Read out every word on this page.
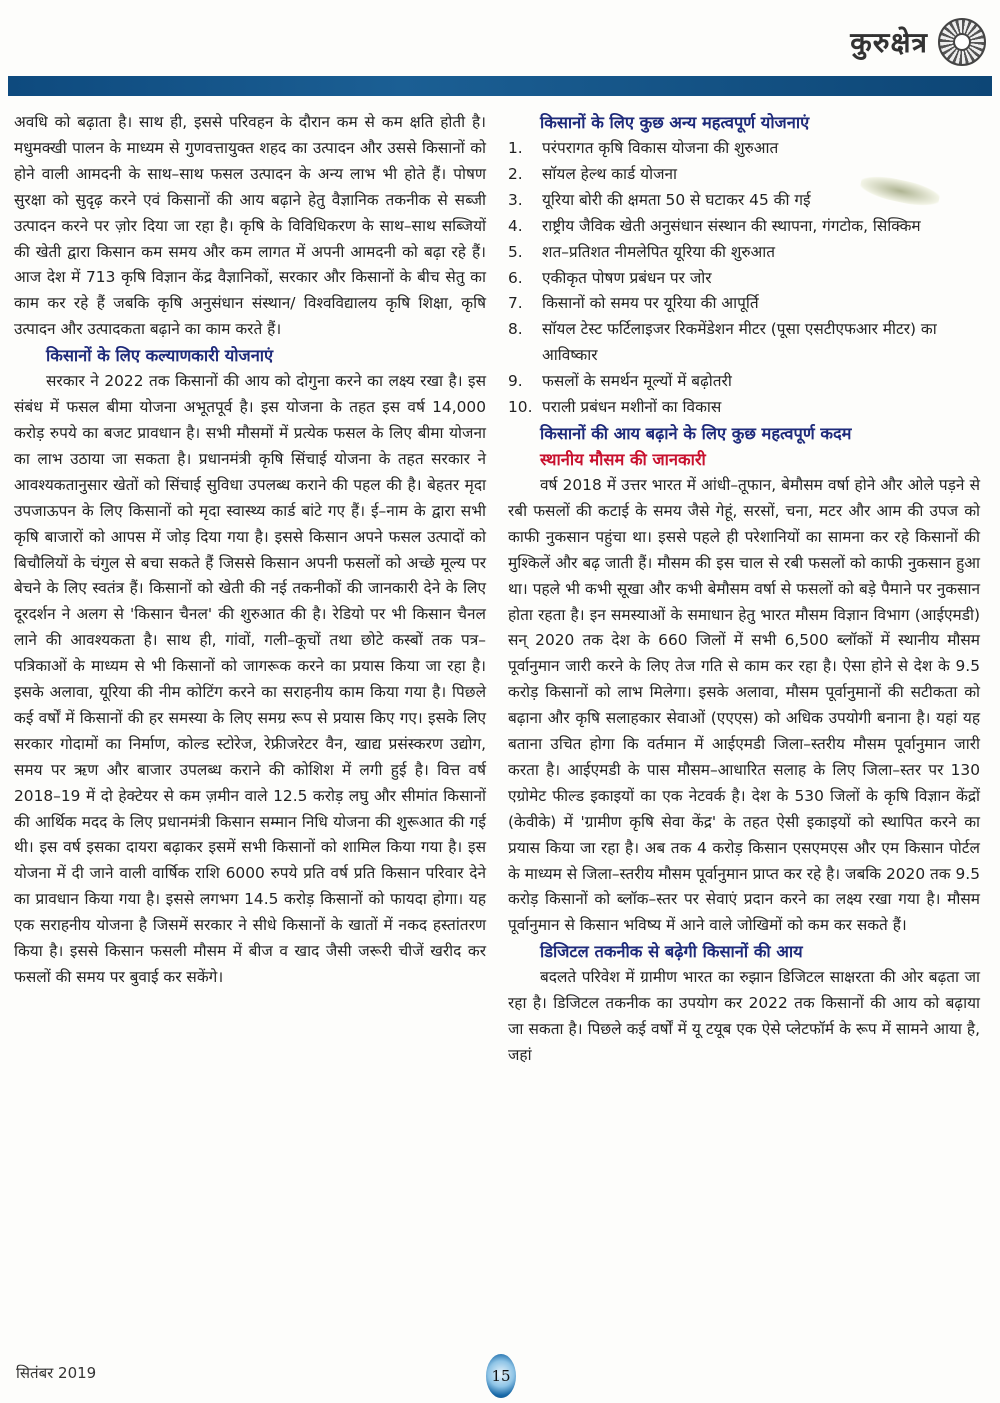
कुरुक्षेत्र

अवधि को बढ़ाता है। साथ ही, इससे परिवहन के दौरान कम से कम क्षति होती है। मधुमक्खी पालन के माध्यम से गुणवत्तायुक्त शहद का उत्पादन और उससे किसानों को होने वाली आमदनी के साथ–साथ फसल उत्पादन के अन्य लाभ भी होते हैं। पोषण सुरक्षा को सुदृढ़ करने एवं किसानों की आय बढ़ाने हेतु वैज्ञानिक तकनीक से सब्जी उत्पादन करने पर ज़ोर दिया जा रहा है। कृषि के विविधिकरण के साथ–साथ सब्जियों की खेती द्वारा किसान कम समय और कम लागत में अपनी आमदनी को बढ़ा रहे हैं। आज देश में 713 कृषि विज्ञान केंद्र वैज्ञानिकों, सरकार और किसानों के बीच सेतु का काम कर रहे हैं जबकि कृषि अनुसंधान संस्थान/ विश्वविद्यालय कृषि शिक्षा, कृषि उत्पादन और उत्पादकता बढ़ाने का काम करते हैं।

किसानों के लिए कल्याणकारी योजनाएं

सरकार ने 2022 तक किसानों की आय को दोगुना करने का लक्ष्य रखा है। इस संबंध में फसल बीमा योजना अभूतपूर्व है। इस योजना के तहत इस वर्ष 14,000 करोड़ रुपये का बजट प्रावधान है। सभी मौसमों में प्रत्येक फसल के लिए बीमा योजना का लाभ उठाया जा सकता है। प्रधानमंत्री कृषि सिंचाई योजना के तहत सरकार ने आवश्यकतानुसार खेतों को सिंचाई सुविधा उपलब्ध कराने की पहल की है। बेहतर मृदा उपजाऊपन के लिए किसानों को मृदा स्वास्थ्य कार्ड बांटे गए हैं। ई–नाम के द्वारा सभी कृषि बाजारों को आपस में जोड़ दिया गया है। इससे किसान अपने फसल उत्पादों को बिचौलियों के चंगुल से बचा सकते हैं जिससे किसान अपनी फसलों को अच्छे मूल्य पर बेचने के लिए स्वतंत्र हैं। किसानों को खेती की नई तकनीकों की जानकारी देने के लिए दूरदर्शन ने अलग से 'किसान चैनल' की शुरुआत की है। रेडियो पर भी किसान चैनल लाने की आवश्यकता है। साथ ही, गांवों, गली–कूचों तथा छोटे कस्बों तक पत्र–पत्रिकाओं के माध्यम से भी किसानों को जागरूक करने का प्रयास किया जा रहा है। इसके अलावा, यूरिया की नीम कोटिंग करने का सराहनीय काम किया गया है। पिछले कई वर्षों में किसानों की हर समस्या के लिए समग्र रूप से प्रयास किए गए। इसके लिए सरकार गोदामों का निर्माण, कोल्ड स्टोरेज, रेफ्रीजरेटर वैन, खाद्य प्रसंस्करण उद्योग, समय पर ऋण और बाजार उपलब्ध कराने की कोशिश में लगी हुई है। वित्त वर्ष 2018–19 में दो हेक्टेयर से कम ज़मीन वाले 12.5 करोड़ लघु और सीमांत किसानों की आर्थिक मदद के लिए प्रधानमंत्री किसान सम्मान निधि योजना की शुरूआत की गई थी। इस वर्ष इसका दायरा बढ़ाकर इसमें सभी किसानों को शामिल किया गया है। इस योजना में दी जाने वाली वार्षिक राशि 6000 रुपये प्रति वर्ष प्रति किसान परिवार देने का प्रावधान किया गया है। इससे लगभग 14.5 करोड़ किसानों को फायदा होगा। यह एक सराहनीय योजना है जिसमें सरकार ने सीधे किसानों के खातों में नकद हस्तांतरण किया है। इससे किसान फसली मौसम में बीज व खाद जैसी जरूरी चीजें खरीद कर फसलों की समय पर बुवाई कर सकेंगे।

किसानों के लिए कुछ अन्य महत्वपूर्ण योजनाएं
1.	परंपरागत कृषि विकास योजना की शुरुआत
2.	सॉयल हेल्थ कार्ड योजना
3.	यूरिया बोरी की क्षमता 50 से घटाकर 45 की गई
4.	राष्ट्रीय जैविक खेती अनुसंधान संस्थान की स्थापना, गंगटोक, सिक्किम
5.	शत–प्रतिशत नीमलेपित यूरिया की शुरुआत
6.	एकीकृत पोषण प्रबंधन पर जोर
7.	किसानों को समय पर यूरिया की आपूर्ति
8.	सॉयल टेस्ट फर्टिलाइजर रिकमेंडेशन मीटर (पूसा एसटीएफआर मीटर) का आविष्कार
9.	फसलों के समर्थन मूल्यों में बढ़ोतरी
10. पराली प्रबंधन मशीनों का विकास
किसानों की आय बढ़ाने के लिए कुछ महत्वपूर्ण कदम
स्थानीय मौसम की जानकारी

वर्ष 2018 में उत्तर भारत में आंधी–तूफान, बेमौसम वर्षा होने और ओले पड़ने से रबी फसलों की कटाई के समय जैसे गेहूं, सरसों, चना, मटर और आम की उपज को काफी नुकसान पहुंचा था। इससे पहले ही परेशानियों का सामना कर रहे किसानों की मुश्किलें और बढ़ जाती हैं। मौसम की इस चाल से रबी फसलों को काफी नुकसान हुआ था। पहले भी कभी सूखा और कभी बेमौसम वर्षा से फसलों को बड़े पैमाने पर नुकसान होता रहता है। इन समस्याओं के समाधान हेतु भारत मौसम विज्ञान विभाग (आईएमडी) सन् 2020 तक देश के 660 जिलों में सभी 6,500 ब्लॉकों में स्थानीय मौसम पूर्वानुमान जारी करने के लिए तेज गति से काम कर रहा है। ऐसा होने से देश के 9.5 करोड़ किसानों को लाभ मिलेगा। इसके अलावा, मौसम पूर्वानुमानों की सटीकता को बढ़ाना और कृषि सलाहकार सेवाओं (एएएस) को अधिक उपयोगी बनाना है। यहां यह बताना उचित होगा कि वर्तमान में आईएमडी जिला–स्तरीय मौसम पूर्वानुमान जारी करता है। आईएमडी के पास मौसम–आधारित सलाह के लिए जिला–स्तर पर 130 एग्रोमेट फील्ड इकाइयों का एक नेटवर्क है। देश के 530 जिलों के कृषि विज्ञान केंद्रों (केवीके) में 'ग्रामीण कृषि सेवा केंद्र' के तहत ऐसी इकाइयों को स्थापित करने का प्रयास किया जा रहा है। अब तक 4 करोड़ किसान एसएमएस और एम किसान पोर्टल के माध्यम से जिला–स्तरीय मौसम पूर्वानुमान प्राप्त कर रहे है। जबकि 2020 तक 9.5 करोड़ किसानों को ब्लॉक–स्तर पर सेवाएं प्रदान करने का लक्ष्य रखा गया है। मौसम पूर्वानुमान से किसान भविष्य में आने वाले जोखिमों को कम कर सकते हैं।

डिजिटल तकनीक से बढ़ेगी किसानों की आय

बदलते परिवेश में ग्रामीण भारत का रुझान डिजिटल साक्षरता की ओर बढ़ता जा रहा है। डिजिटल तकनीक का उपयोग कर 2022 तक किसानों की आय को बढ़ाया जा सकता है। पिछले कई वर्षों में यू टयूब एक ऐसे प्लेटफॉर्म के रूप में सामने आया है, जहां

सितंबर 2019	15
